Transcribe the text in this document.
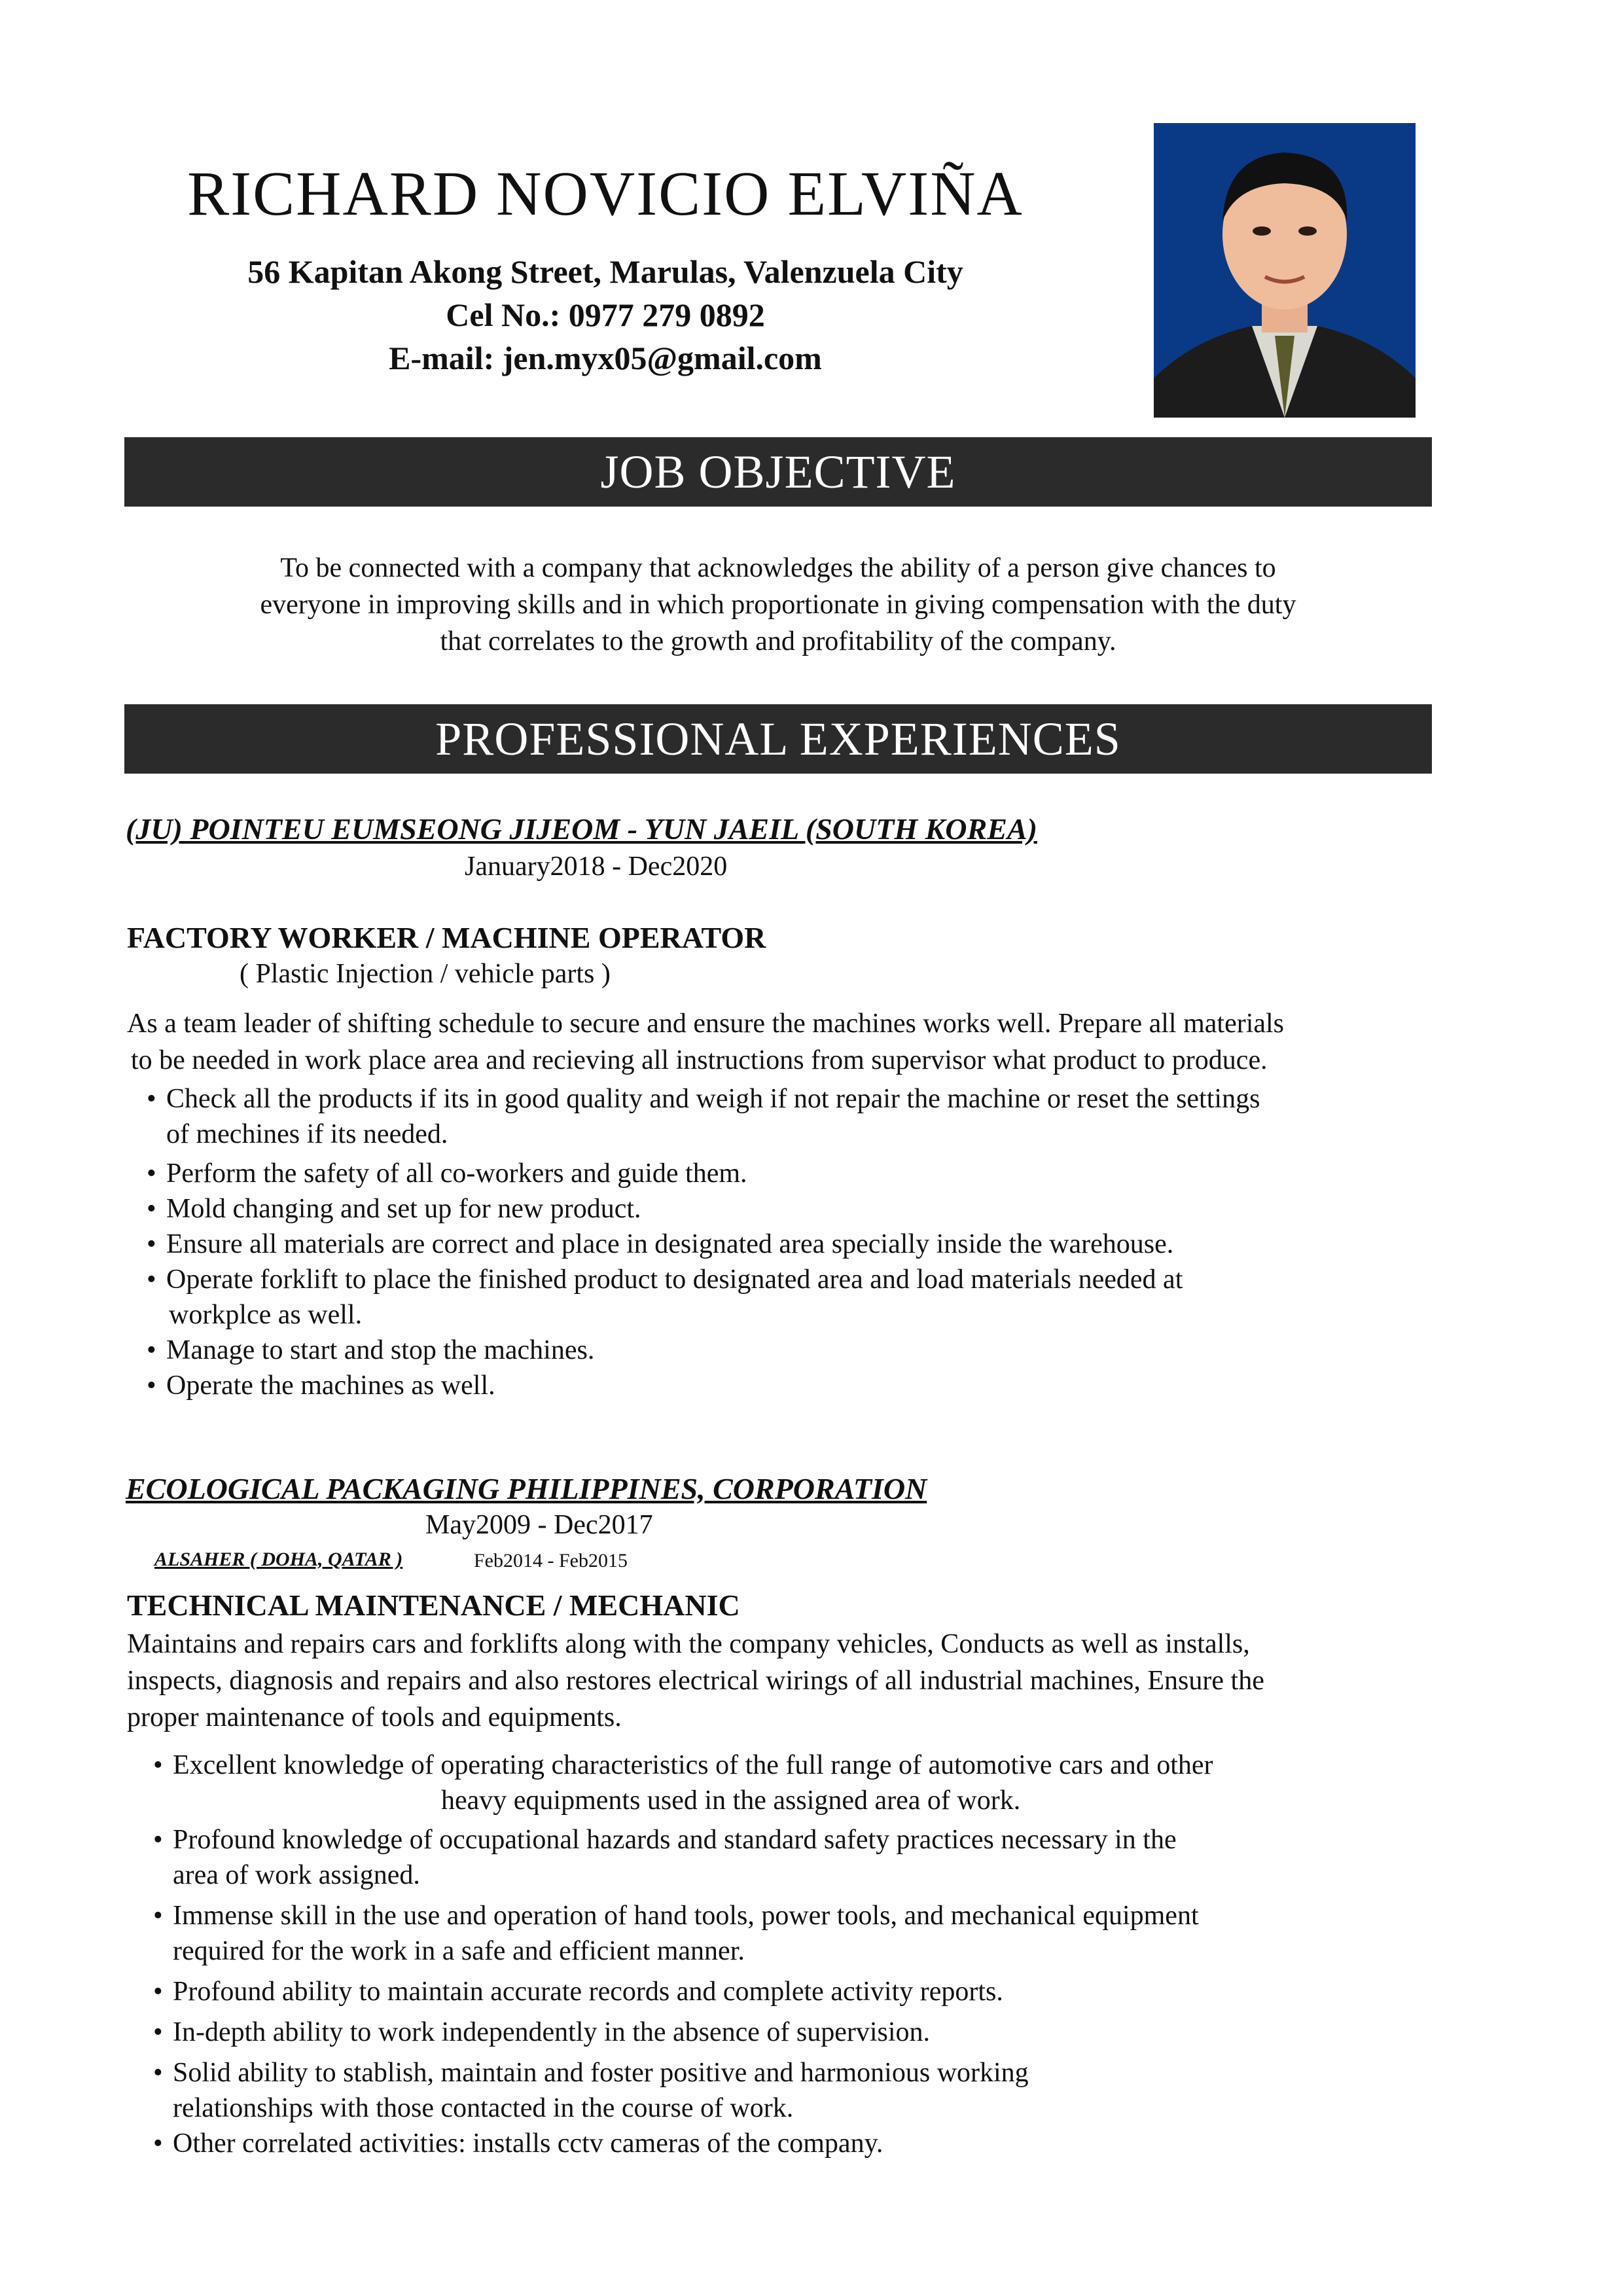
RICHARD NOVICIO ELVIÑA
56 Kapitan Akong Street, Marulas, Valenzuela City
Cel No.: 0977 279 0892
E-mail: jen.myx05@gmail.com
JOB OBJECTIVE
To be connected with a company that acknowledges the ability of a person give chances to
everyone in improving skills and in which proportionate in giving compensation with the duty
that correlates to the growth and profitability of the company.
PROFESSIONAL EXPERIENCES
(JU) POINTEU EUMSEONG JIJEOM - YUN JAEIL (SOUTH KOREA)
January2018 - Dec2020
FACTORY WORKER / MACHINE OPERATOR
( Plastic Injection / vehicle parts )
As a team leader of shifting schedule to secure and ensure the machines works well. Prepare all materials
to be needed in work place area and recieving all instructions from supervisor what product to produce.
• Check all the products if its in good quality and weigh if not repair the machine or reset the settings
of mechines if its needed.
• Perform the safety of all co-workers and guide them.
• Mold changing and set up for new product.
• Ensure all materials are correct and place in designated area specially inside the warehouse.
• Operate forklift to place the finished product to designated area and load materials needed at
workplce as well.
• Manage to start and stop the machines.
• Operate the machines as well.
ECOLOGICAL PACKAGING PHILIPPINES, CORPORATION
May2009 - Dec2017
ALSAHER ( DOHA, QATAR )	Feb2014 - Feb2015
TECHNICAL MAINTENANCE / MECHANIC
Maintains and repairs cars and forklifts along with the company vehicles, Conducts as well as installs,
inspects, diagnosis and repairs and also restores electrical wirings of all industrial machines, Ensure the
proper maintenance of tools and equipments.
• Excellent knowledge of operating characteristics of the full range of automotive cars and other
heavy equipments used in the assigned area of work.
• Profound knowledge of occupational hazards and standard safety practices necessary in the
area of work assigned.
• Immense skill in the use and operation of hand tools, power tools, and mechanical equipment
required for the work in a safe and efficient manner.
• Profound ability to maintain accurate records and complete activity reports.
• In-depth ability to work independently in the absence of supervision.
• Solid ability to stablish, maintain and foster positive and harmonious working
relationships with those contacted in the course of work.
• Other correlated activities: installs cctv cameras of the company.
